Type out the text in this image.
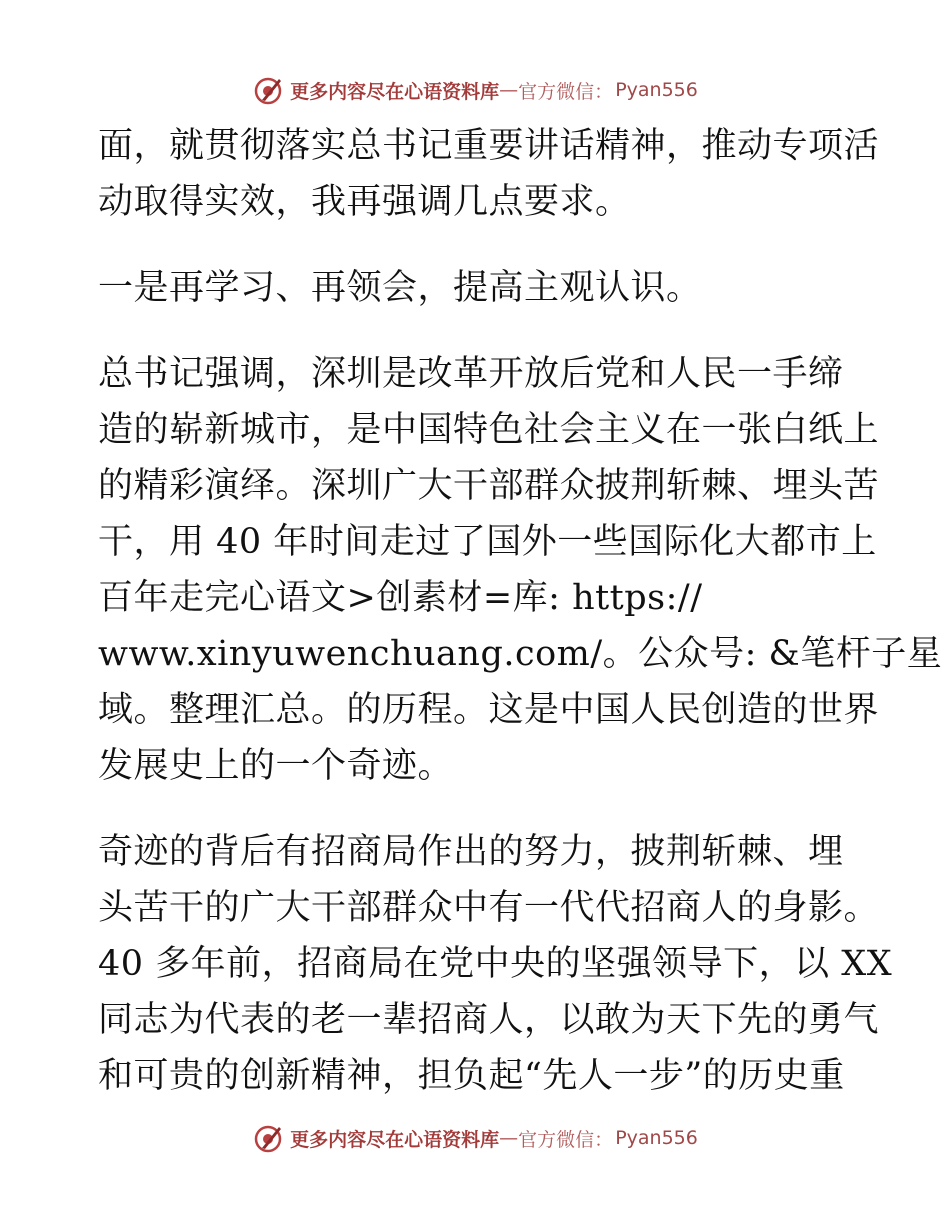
更多内容尽在心语资料库 — 官方微信： Pyan556
面，就贯彻落实总书记重要讲话精神，推动专项活
动取得实效，我再强调几点要求。
一是再学习、再领会，提高主观认识。
总书记强调，深圳是改革开放后党和人民一手缔
造的崭新城市，是中国特色社会主义在一张白纸上
的精彩演绎。深圳广大干部群众披荆斩棘、埋头苦
干，用 40 年时间走过了国外一些国际化大都市上
百年走完心语文>创素材=库: https://
www.xinyuwenchuang.com/。公众号: &笔杆子星
域。整理汇总。的历程。这是中国人民创造的世界
发展史上的一个奇迹。
奇迹的背后有招商局作出的努力，披荆斩棘、埋
头苦干的广大干部群众中有一代代招商人的身影。
40 多年前，招商局在党中央的坚强领导下，以 XX
同志为代表的老一辈招商人，以敢为天下先的勇气
和可贵的创新精神，担负起“先人一步”的历史重
更多内容尽在心语资料库 — 官方微信： Pyan556
